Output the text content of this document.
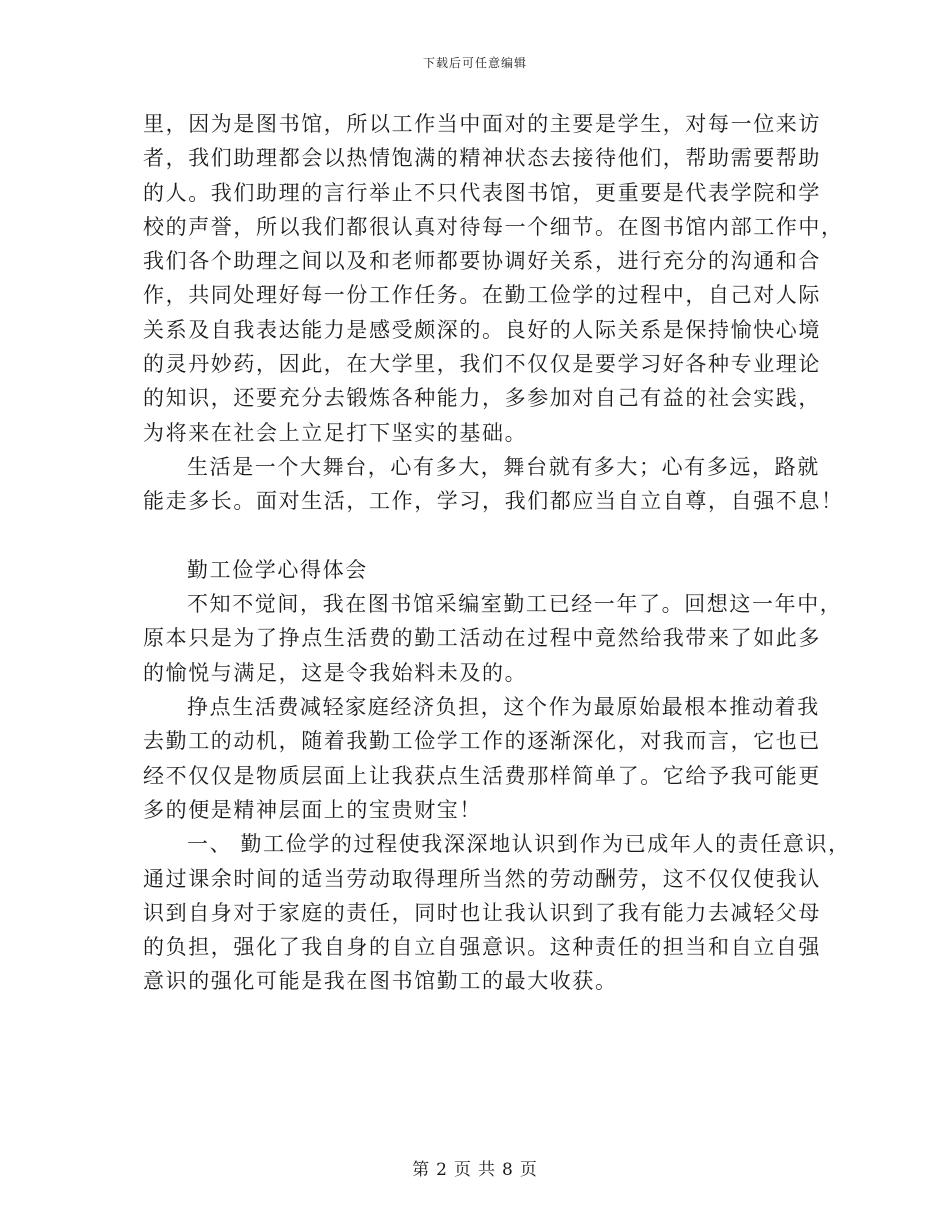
下载后可任意编辑
里，因为是图书馆，所以工作当中面对的主要是学生，对每一位来访
者，我们助理都会以热情饱满的精神状态去接待他们，帮助需要帮助
的人。我们助理的言行举止不只代表图书馆，更重要是代表学院和学
校的声誉，所以我们都很认真对待每一个细节。在图书馆内部工作中，
我们各个助理之间以及和老师都要协调好关系，进行充分的沟通和合
作，共同处理好每一份工作任务。在勤工俭学的过程中，自己对人际
关系及自我表达能力是感受颇深的。良好的人际关系是保持愉快心境
的灵丹妙药，因此，在大学里，我们不仅仅是要学习好各种专业理论
的知识，还要充分去锻炼各种能力，多参加对自己有益的社会实践，
为将来在社会上立足打下坚实的基础。
生活是一个大舞台，心有多大，舞台就有多大；心有多远，路就
能走多长。面对生活，工作，学习，我们都应当自立自尊，自强不息！
勤工俭学心得体会
不知不觉间，我在图书馆采编室勤工已经一年了。回想这一年中，
原本只是为了挣点生活费的勤工活动在过程中竟然给我带来了如此多
的愉悦与满足，这是令我始料未及的。
挣点生活费减轻家庭经济负担，这个作为最原始最根本推动着我
去勤工的动机，随着我勤工俭学工作的逐渐深化，对我而言，它也已
经不仅仅是物质层面上让我获点生活费那样简单了。它给予我可能更
多的便是精神层面上的宝贵财宝！
一、 勤工俭学的过程使我深深地认识到作为已成年人的责任意识，
通过课余时间的适当劳动取得理所当然的劳动酬劳，这不仅仅使我认
识到自身对于家庭的责任，同时也让我认识到了我有能力去减轻父母
的负担，强化了我自身的自立自强意识。这种责任的担当和自立自强
意识的强化可能是我在图书馆勤工的最大收获。
第 2 页 共 8 页
